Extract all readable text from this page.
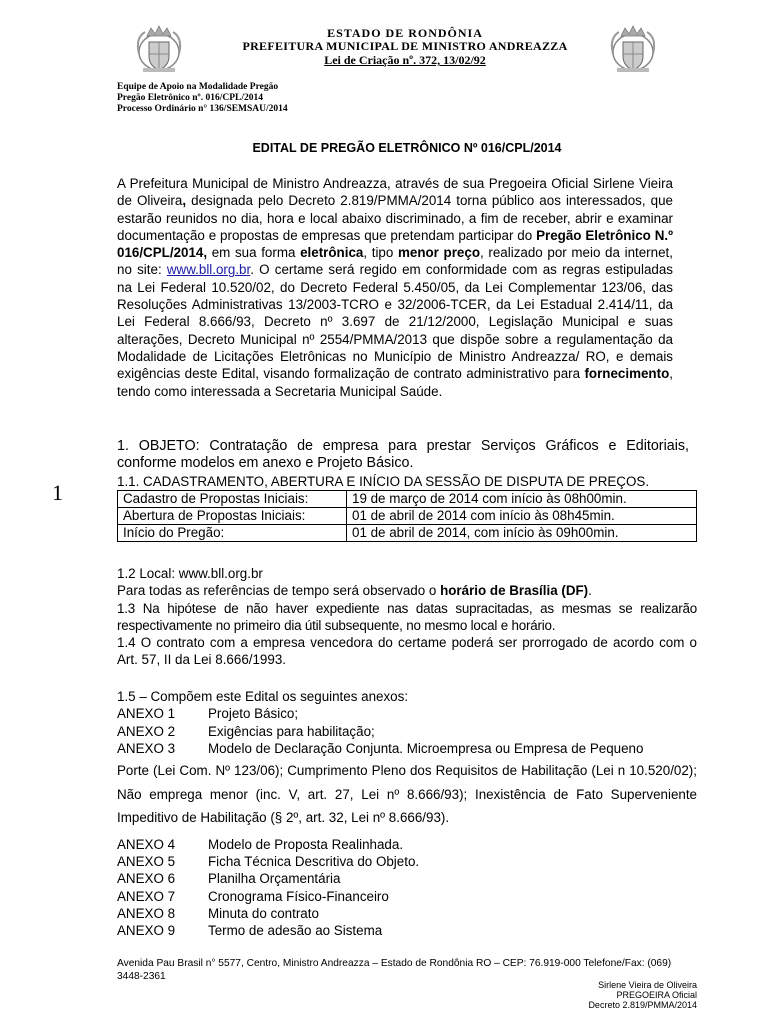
ESTADO DE RONDÔNIA
PREFEITURA MUNICIPAL DE MINISTRO ANDREAZZA
Lei de Criação nº. 372, 13/02/92
Equipe de Apoio na Modalidade Pregão
Pregão Eletrônico nº. 016/CPL/2014
Processo Ordinário n° 136/SEMSAU/2014
EDITAL DE PREGÃO ELETRÔNICO Nº 016/CPL/2014
A Prefeitura Municipal de Ministro Andreazza, através de sua Pregoeira Oficial Sirlene Vieira de Oliveira, designada pelo Decreto 2.819/PMMA/2014 torna público aos interessados, que estarão reunidos no dia, hora e local abaixo discriminado, a fim de receber, abrir e examinar documentação e propostas de empresas que pretendam participar do Pregão Eletrônico N.º 016/CPL/2014, em sua forma eletrônica, tipo menor preço, realizado por meio da internet, no site: www.bll.org.br. O certame será regido em conformidade com as regras estipuladas na Lei Federal 10.520/02, do Decreto Federal 5.450/05, da Lei Complementar 123/06, das Resoluções Administrativas 13/2003-TCRO e 32/2006-TCER, da Lei Estadual 2.414/11, da Lei Federal 8.666/93, Decreto nº 3.697 de 21/12/2000, Legislação Municipal e suas alterações, Decreto Municipal nº 2554/PMMA/2013 que dispõe sobre a regulamentação da Modalidade de Licitações Eletrônicas no Município de Ministro Andreazza/ RO, e demais exigências deste Edital, visando formalização de contrato administrativo para fornecimento, tendo como interessada a Secretaria Municipal Saúde.
1
1. OBJETO: Contratação de empresa para prestar Serviços Gráficos e Editoriais, conforme modelos em anexo e Projeto Básico.
1.1. CADASTRAMENTO, ABERTURA E INÍCIO DA SESSÃO DE DISPUTA DE PREÇOS.
Cadastro de Propostas Iniciais:	19 de março de 2014 com início às 08h00min.
Abertura de Propostas Iniciais:	01 de abril de 2014 com início às 08h45min.
Início do Pregão:	01 de abril de 2014, com início às 09h00min.
1.2 Local: www.bll.org.br
Para todas as referências de tempo será observado o horário de Brasília (DF).
1.3 Na hipótese de não haver expediente nas datas supracitadas, as mesmas se realizarão respectivamente no primeiro dia útil subsequente, no mesmo local e horário.
1.4 O contrato com a empresa vencedora do certame poderá ser prorrogado de acordo com o Art. 57, II da Lei 8.666/1993.
1.5 – Compõem este Edital os seguintes anexos:
ANEXO 1	Projeto Básico;
ANEXO 2	Exigências para habilitação;
ANEXO 3	Modelo de Declaração Conjunta. Microempresa ou Empresa de Pequeno
Porte (Lei Com. Nº 123/06); Cumprimento Pleno dos Requisitos de Habilitação (Lei n 10.520/02); Não emprega menor (inc. V, art. 27, Lei nº 8.666/93); Inexistência de Fato Superveniente Impeditivo de Habilitação (§ 2º, art. 32, Lei nº 8.666/93).
ANEXO 4	Modelo de Proposta Realinhada.
ANEXO 5	Ficha Técnica Descritiva do Objeto.
ANEXO 6	Planilha Orçamentária
ANEXO 7	Cronograma Físico-Financeiro
ANEXO 8	Minuta do contrato
ANEXO 9	Termo de adesão ao Sistema
Avenida Pau Brasil n° 5577, Centro, Ministro Andreazza – Estado de Rondônia RO – CEP: 76.919-000 Telefone/Fax: (069) 3448-2361
Sirlene Vieira de Oliveira
PREGOEIRA Oficial
Decreto 2.819/PMMA/2014
